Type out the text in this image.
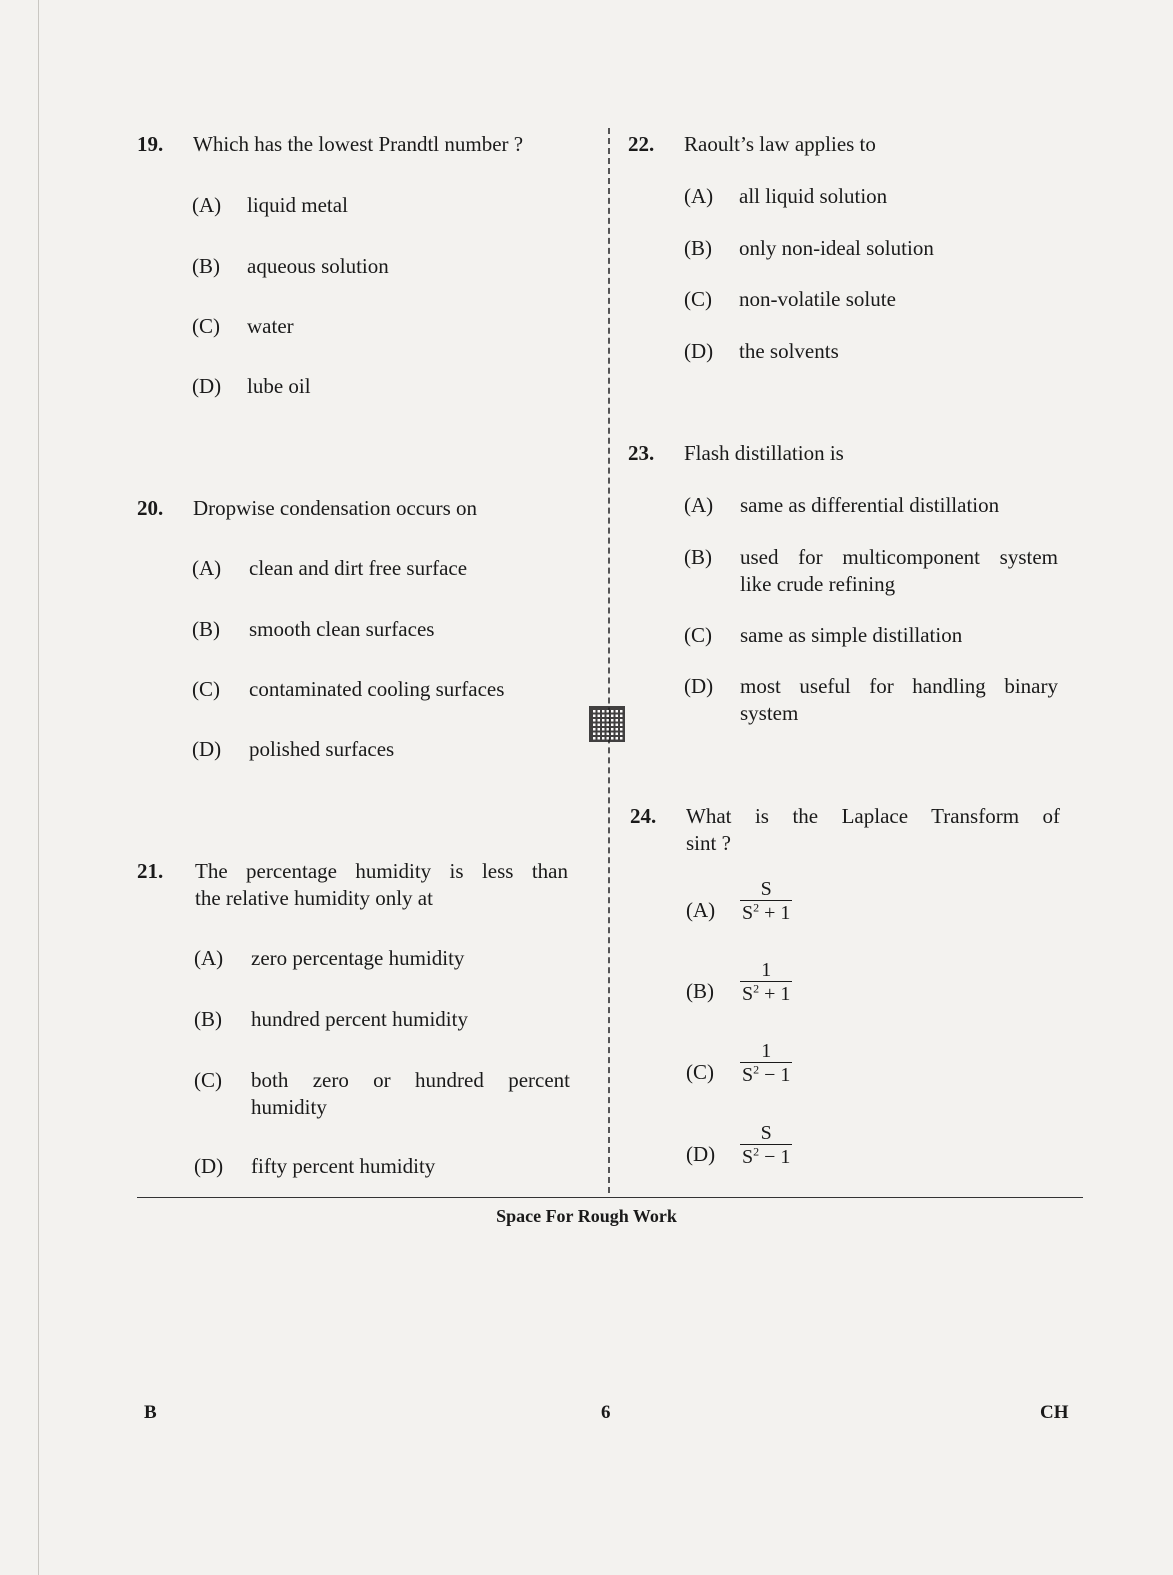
19. Which has the lowest Prandtl number ?
(A) liquid metal
(B) aqueous solution
(C) water
(D) lube oil
20. Dropwise condensation occurs on
(A) clean and dirt free surface
(B) smooth clean surfaces
(C) contaminated cooling surfaces
(D) polished surfaces
21. The percentage humidity is less than
the relative humidity only at
(A) zero percentage humidity
(B) hundred percent humidity
(C) both zero or hundred percent
humidity
(D) fifty percent humidity
22. Raoult’s law applies to
(A) all liquid solution
(B) only non-ideal solution
(C) non-volatile solute
(D) the solvents
23. Flash distillation is
(A) same as differential distillation
(B) used for multicomponent system
like crude refining
(C) same as simple distillation
(D) most useful for handling binary
system
24. What is the Laplace Transform of
sint ?
$(A) \frac{S}{S^2 + 1}$
$(B) \frac{1}{S^2 + 1}$
$(C) \frac{1}{S^2 - 1}$
$(D) \frac{S}{S^2 - 1}$
Space For Rough Work
B	6	CH
